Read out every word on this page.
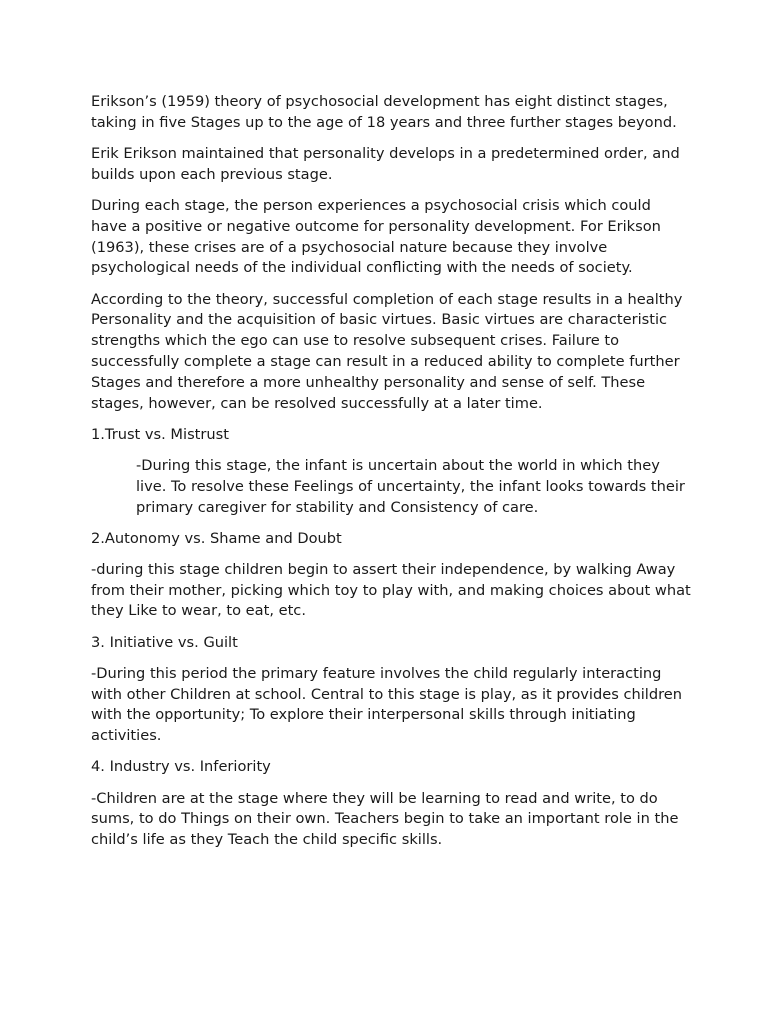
Erikson’s (1959) theory of psychosocial development has eight distinct stages, taking in five Stages up to the age of 18 years and three further stages beyond.

Erik Erikson maintained that personality develops in a predetermined order, and builds upon each previous stage.

During each stage, the person experiences a psychosocial crisis which could have a positive or negative outcome for personality development. For Erikson (1963), these crises are of a psychosocial nature because they involve psychological needs of the individual conflicting with the needs of society.

According to the theory, successful completion of each stage results in a healthy Personality and the acquisition of basic virtues. Basic virtues are characteristic strengths which the ego can use to resolve subsequent crises. Failure to successfully complete a stage can result in a reduced ability to complete further Stages and therefore a more unhealthy personality and sense of self. These stages, however, can be resolved successfully at a later time.

1.Trust vs. Mistrust

-During this stage, the infant is uncertain about the world in which they live. To resolve these Feelings of uncertainty, the infant looks towards their primary caregiver for stability and Consistency of care.

2.Autonomy vs. Shame and Doubt

-during this stage children begin to assert their independence, by walking Away from their mother, picking which toy to play with, and making choices about what they Like to wear, to eat, etc.

3. Initiative vs. Guilt

-During this period the primary feature involves the child regularly interacting with other Children at school. Central to this stage is play, as it provides children with the opportunity; To explore their interpersonal skills through initiating activities.

4. Industry vs. Inferiority

-Children are at the stage where they will be learning to read and write, to do sums, to do Things on their own. Teachers begin to take an important role in the child’s life as they Teach the child specific skills.
